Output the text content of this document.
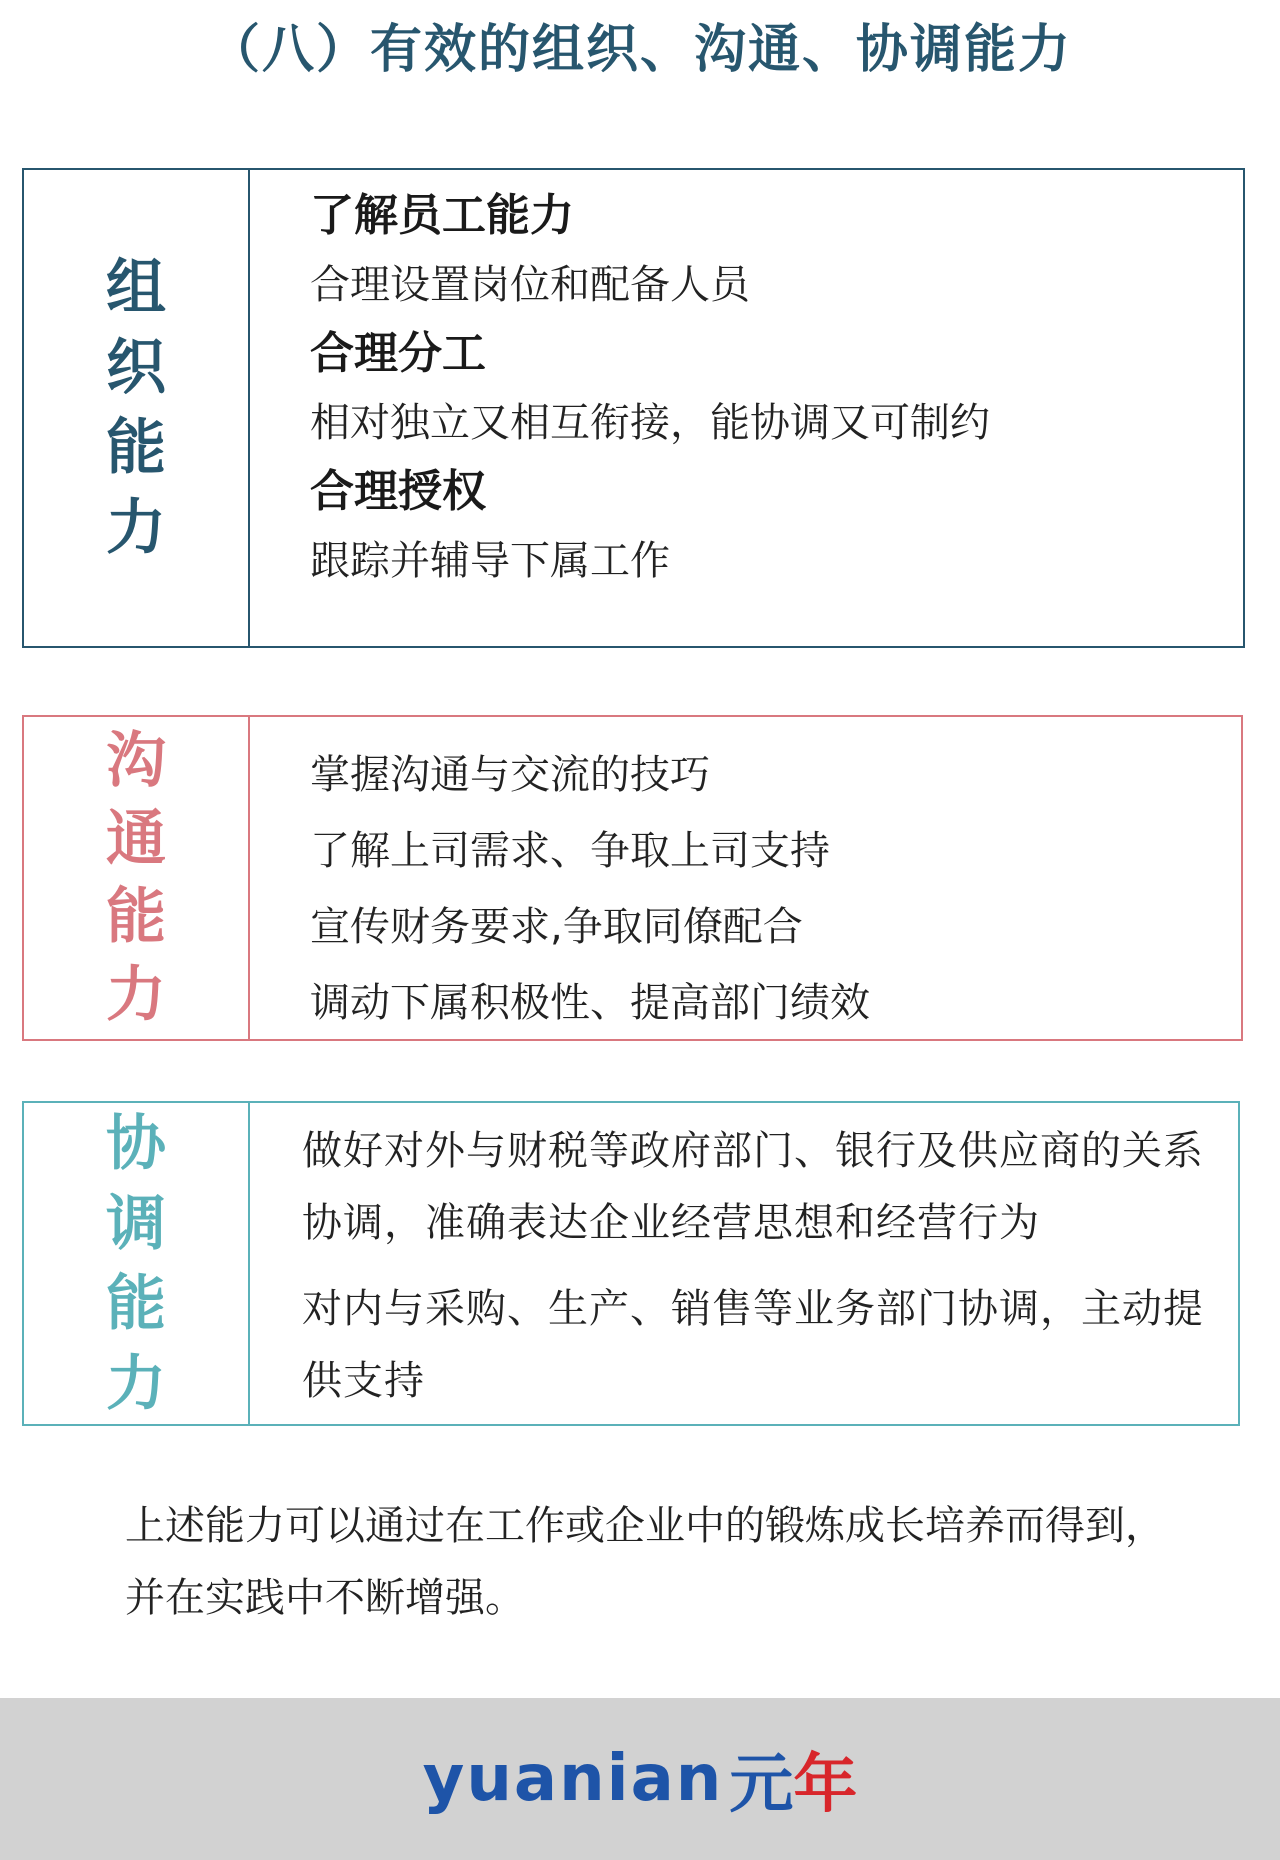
（八）有效的组织、沟通、协调能力
组
织
能
力
了解员工能力
合理设置岗位和配备人员
合理分工
相对独立又相互衔接，能协调又可制约
合理授权
跟踪并辅导下属工作
沟
通
能
力
掌握沟通与交流的技巧
了解上司需求、争取上司支持
宣传财务要求,争取同僚配合
调动下属积极性、提高部门绩效
协
调
能
力
做好对外与财税等政府部门、银行及供应商的关系协调，准确表达企业经营思想和经营行为
对内与采购、生产、销售等业务部门协调，主动提供支持
上述能力可以通过在工作或企业中的锻炼成长培养而得到，并在实践中不断增强。
yuanian 元年
